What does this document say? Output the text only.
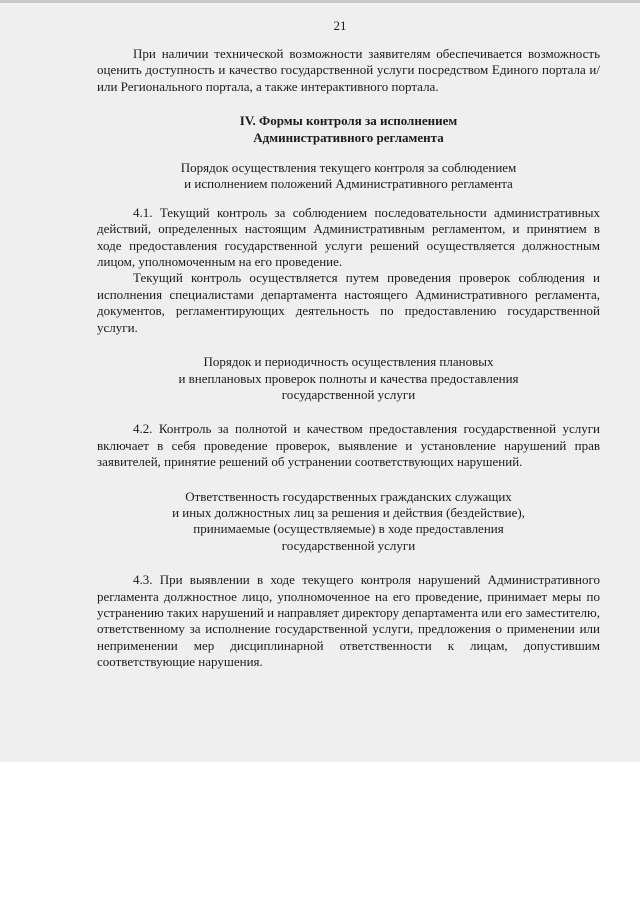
21

При наличии технической возможности заявителям обеспечивается возможность оценить доступность и качество государственной услуги посредством Единого портала и/или Регионального портала, а также интерактивного портала.

IV. Формы контроля за исполнением
Административного регламента
Порядок осуществления текущего контроля за соблюдением
и исполнением положений Административного регламента

4.1. Текущий контроль за соблюдением последовательности административных действий, определенных настоящим Административным регламентом, и принятием в ходе предоставления государственной услуги решений осуществляется должностным лицом, уполномоченным на его проведение.

Текущий контроль осуществляется путем проведения проверок соблюдения и исполнения специалистами департамента настоящего Административного регламента, документов, регламентирующих деятельность по предоставлению государственной услуги.

Порядок и периодичность осуществления плановых
и внеплановых проверок полноты и качества предоставления
государственной услуги

4.2. Контроль за полнотой и качеством предоставления государственной услуги включает в себя проведение проверок, выявление и установление нарушений прав заявителей, принятие решений об устранении соответствующих нарушений.

Ответственность государственных гражданских служащих
и иных должностных лиц за решения и действия (бездействие),
принимаемые (осуществляемые) в ходе предоставления
государственной услуги

4.3. При выявлении в ходе текущего контроля нарушений Административного регламента должностное лицо, уполномоченное на его проведение, принимает меры по устранению таких нарушений и направляет директору департамента или его заместителю, ответственному за исполнение государственной услуги, предложения о применении или неприменении мер дисциплинарной ответственности к лицам, допустившим соответствующие нарушения.
